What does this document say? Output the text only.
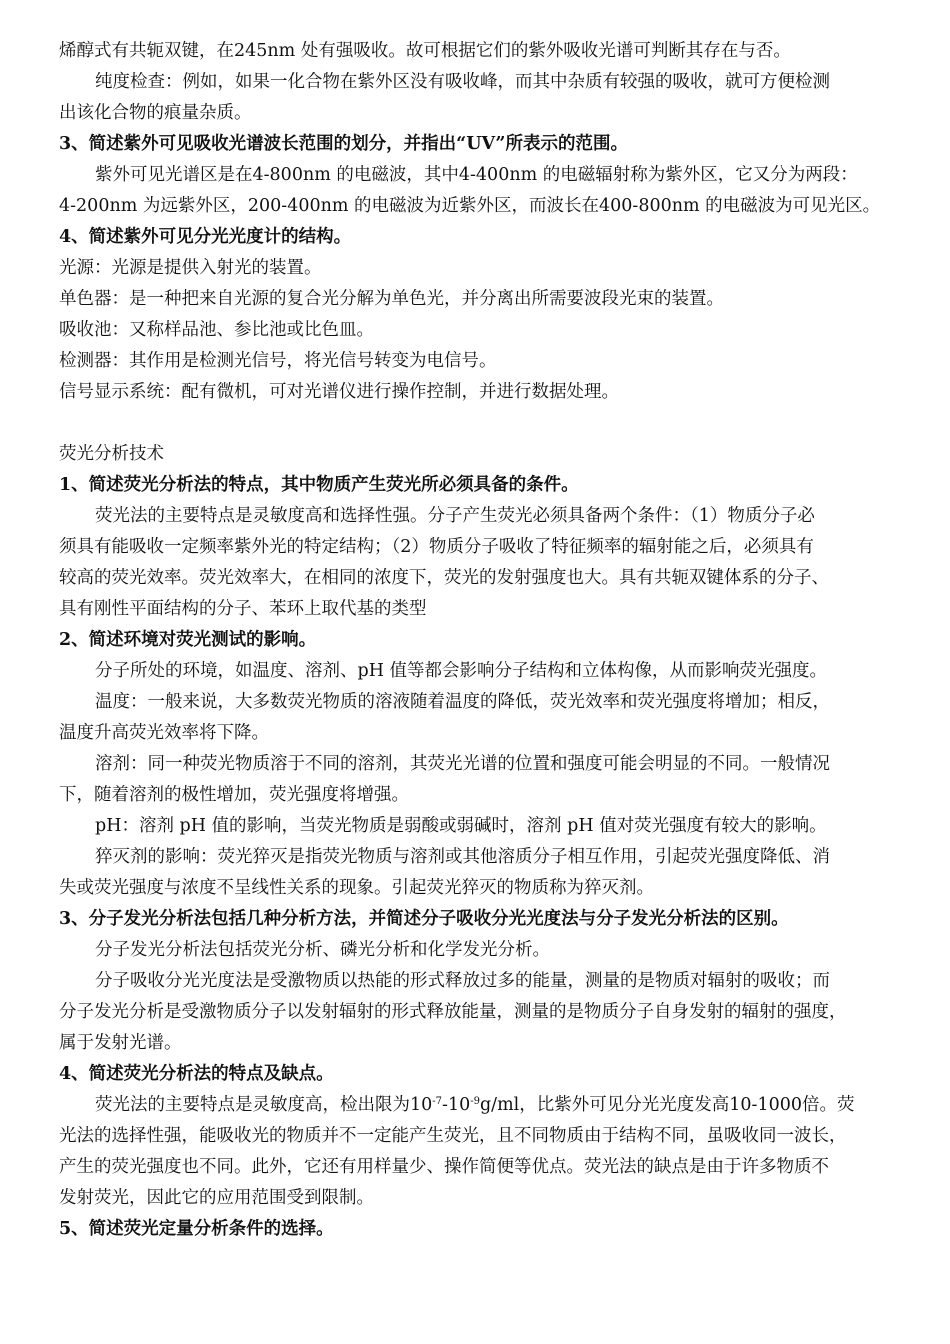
烯醇式有共轭双键，在245nm 处有强吸收。故可根据它们的紫外吸收光谱可判断其存在与否。
纯度检查：例如，如果一化合物在紫外区没有吸收峰，而其中杂质有较强的吸收，就可方便检测
出该化合物的痕量杂质。
3、简述紫外可见吸收光谱波长范围的划分，并指出“UV”所表示的范围。
紫外可见光谱区是在4-800nm 的电磁波，其中4-400nm 的电磁辐射称为紫外区，它又分为两段：
4-200nm 为远紫外区，200-400nm 的电磁波为近紫外区，而波长在400-800nm 的电磁波为可见光区。
4、简述紫外可见分光光度计的结构。
光源：光源是提供入射光的装置。
单色器：是一种把来自光源的复合光分解为单色光，并分离出所需要波段光束的装置。
吸收池：又称样品池、参比池或比色皿。
检测器：其作用是检测光信号，将光信号转变为电信号。
信号显示系统：配有微机，可对光谱仪进行操作控制，并进行数据处理。
荧光分析技术
1、简述荧光分析法的特点，其中物质产生荧光所必须具备的条件。
荧光法的主要特点是灵敏度高和选择性强。分子产生荧光必须具备两个条件：（1）物质分子必
须具有能吸收一定频率紫外光的特定结构；（2）物质分子吸收了特征频率的辐射能之后，必须具有
较高的荧光效率。荧光效率大，在相同的浓度下，荧光的发射强度也大。具有共轭双键体系的分子、
具有刚性平面结构的分子、苯环上取代基的类型
2、简述环境对荧光测试的影响。
分子所处的环境，如温度、溶剂、pH 值等都会影响分子结构和立体构像，从而影响荧光强度。
温度：一般来说，大多数荧光物质的溶液随着温度的降低，荧光效率和荧光强度将增加；相反，
温度升高荧光效率将下降。
溶剂：同一种荧光物质溶于不同的溶剂，其荧光光谱的位置和强度可能会明显的不同。一般情况
下，随着溶剂的极性增加，荧光强度将增强。
pH：溶剂 pH 值的影响，当荧光物质是弱酸或弱碱时，溶剂 pH 值对荧光强度有较大的影响。
猝灭剂的影响：荧光猝灭是指荧光物质与溶剂或其他溶质分子相互作用，引起荧光强度降低、消
失或荧光强度与浓度不呈线性关系的现象。引起荧光猝灭的物质称为猝灭剂。
3、分子发光分析法包括几种分析方法，并简述分子吸收分光光度法与分子发光分析法的区别。
分子发光分析法包括荧光分析、磷光分析和化学发光分析。
分子吸收分光光度法是受激物质以热能的形式释放过多的能量，测量的是物质对辐射的吸收；而
分子发光分析是受激物质分子以发射辐射的形式释放能量，测量的是物质分子自身发射的辐射的强度，
属于发射光谱。
4、简述荧光分析法的特点及缺点。
荧光法的主要特点是灵敏度高，检出限为$10^{-7}-10^{-9}g/ml$，比紫外可见分光光度发高10-1000倍。荧
光法的选择性强，能吸收光的物质并不一定能产生荧光，且不同物质由于结构不同，虽吸收同一波长，
产生的荧光强度也不同。此外，它还有用样量少、操作简便等优点。荧光法的缺点是由于许多物质不
发射荧光，因此它的应用范围受到限制。
5、简述荧光定量分析条件的选择。
